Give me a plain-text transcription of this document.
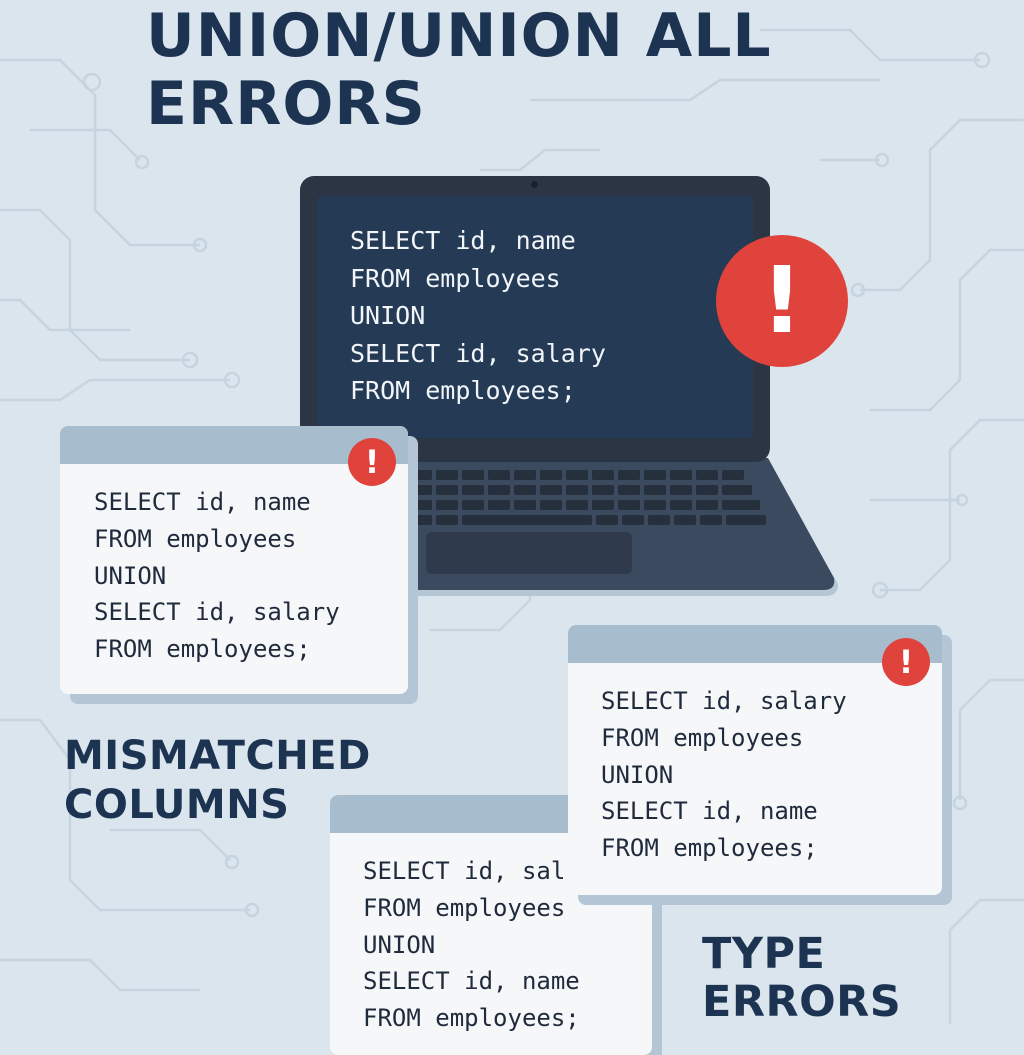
UNION/UNION ALL
ERRORS
SELECT id, name
FROM employees
UNION
SELECT id, salary
FROM employees;
!
SELECT id, name
FROM employees
UNION
SELECT id, salary
FROM employees;
!
SELECT id, sal
FROM employees
UNION
SELECT id, name
FROM employees;
SELECT id, salary
FROM employees
UNION
SELECT id, name
FROM employees;
!
MISMATCHED
COLUMNS
TYPE
ERRORS
